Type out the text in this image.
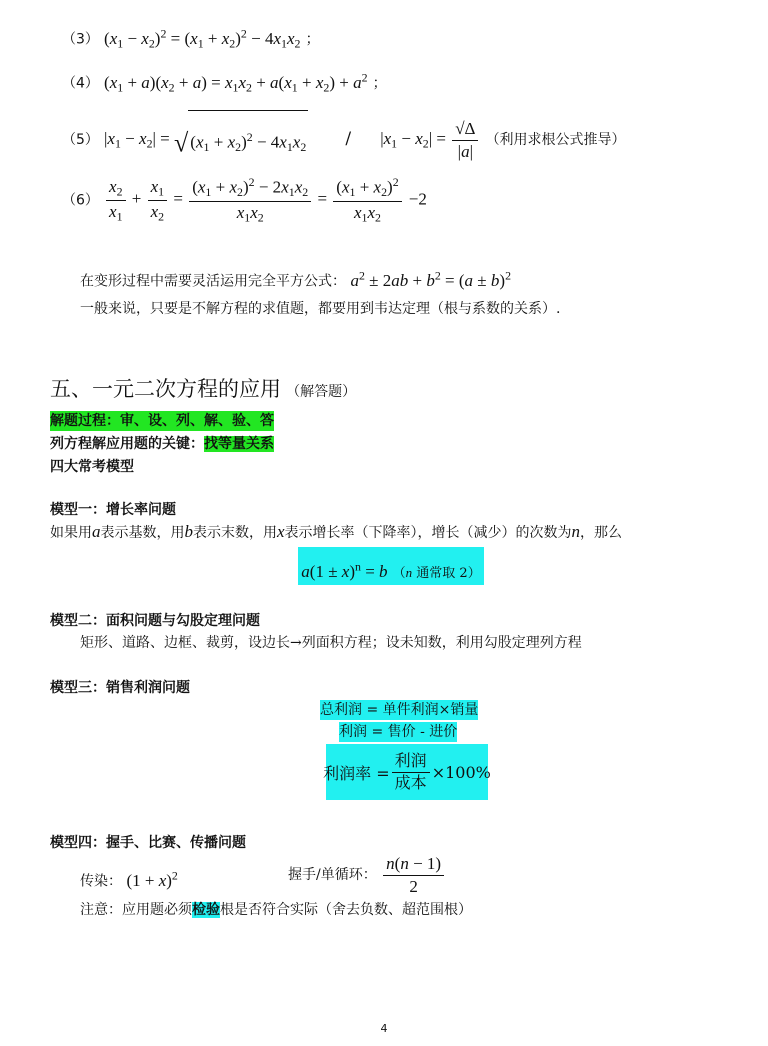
（3） $(x_1 - x_2)^2 = (x_1 + x_2)^2 - 4x_1x_2$ ；
（4） $(x_1 + a)(x_2 + a) = x_1x_2 + a(x_1 + x_2) + a^2$ ；
（5） $|x_1 - x_2|$ = √ $(x_1 + x_2)^2 - 4x_1x_2 / |x_1 - x_2| = \frac{√\Delta}{|a|}$ （利用求根公式推导）
$(6) \frac{x_2}{x_1} + \frac{x_1}{x_2} = \frac{(x_1 + x_2)^2 - 2x_1x_2}{x_1x_2} = \frac{(x_1 + x_2)^2}{x_1x_2} -2$
在变形过程中需要灵活运用完全平方公式： $a^2 \pm 2ab + b^2 = (a \pm b)^2$
一般来说，只要是不解方程的求值题，都要用到韦达定理（根与系数的关系）.
五、一元二次方程的应用 （解答题）
解题过程：审、设、列、解、验、答
列方程解应用题的关键：找等量关系
四大常考模型
模型一：增长率问题
如果用a表示基数，用b表示末数，用x表示增长率（下降率），增长（减少）的次数为n，那么
$a(1 \pm x)^n = b$ （n 通常取 2）
模型二：面积问题与勾股定理问题
矩形、道路、边框、裁剪，设边长→列面积方程；设未知数，利用勾股定理列方程
模型三：销售利润问题
总利润 = 单件利润×销量
利润 = 售价 - 进价
利润率 = $\frac{\text{利润}}{\text{成本}} \times 100\%$
模型四：握手、比赛、传播问题
传染： $(1 + x)^2$	握手/单循环： $\frac{n(n - 1)}{2}$
注意：应用题必须检验根是否符合实际（舍去负数、超范围根）
4
